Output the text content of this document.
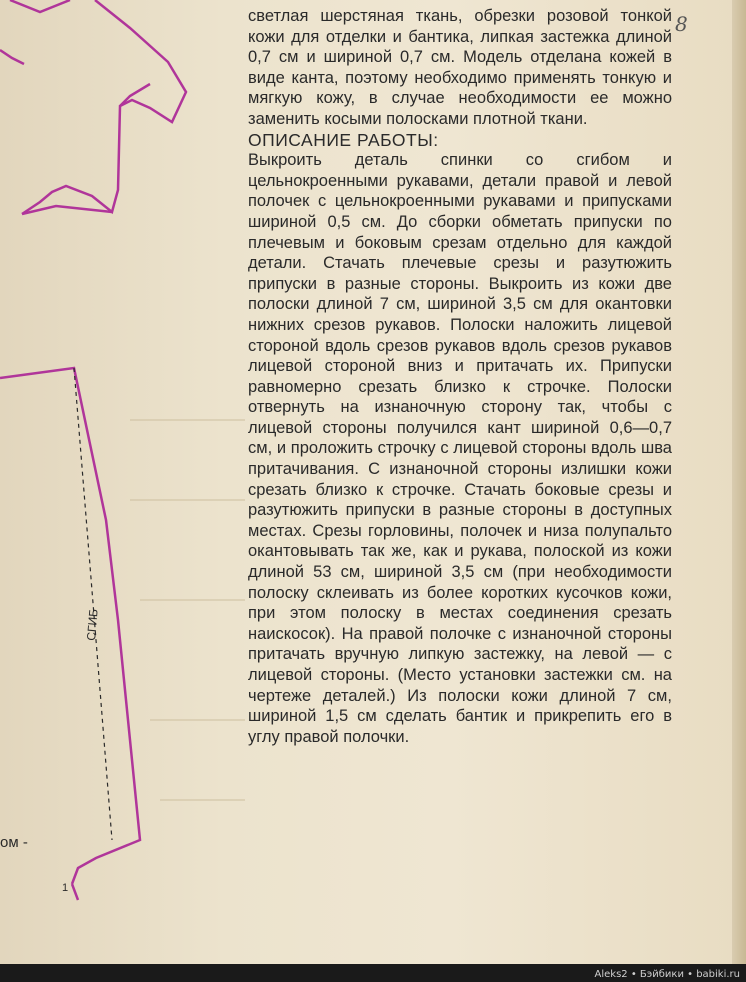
8

светлая шерстяная ткань, обрезки розовой тонкой кожи для отделки и бантика, липкая застежка длиной 0,7 см и шириной 0,7 см. Модель отделана кожей в виде канта, поэтому необходимо применять тонкую и мягкую кожу, в случае необходимости ее можно заменить косыми полосками плотной ткани.

ОПИСАНИЕ РАБОТЫ:

Выкроить деталь спинки со сгибом и цельнокроенными рукавами, детали правой и левой полочек с цельнокроенными рукавами и припусками шириной 0,5 см. До сборки обметать припуски по плечевым и боковым срезам отдельно для каждой детали. Стачать плечевые срезы и разутюжить припуски в разные стороны. Выкроить из кожи две полоски длиной 7 см, шириной 3,5 см для окантовки нижних срезов рукавов. Полоски наложить лицевой стороной вдоль срезов рукавов вдоль срезов рукавов лицевой стороной вниз и притачать их. Припуски равномерно срезать близко к строчке. Полоски отвернуть на изнаночную сторону так, чтобы с лицевой стороны получился кант шириной 0,6—0,7 см, и проложить строчку с лицевой стороны вдоль шва притачивания. С изнаночной стороны излишки кожи срезать близко к строчке. Стачать боковые срезы и разутюжить припуски в разные стороны в доступных местах. Срезы горловины, полочек и низа полупальто окантовывать так же, как и рукава, полоской из кожи длиной 53 см, шириной 3,5 см (при необходимости полоску склеивать из более коротких кусочков кожи, при этом полоску в местах соединения срезать наискосок). На правой полочке с изнаночной стороны притачать вручную липкую застежку, на левой — с лицевой стороны. (Место установки застежки см. на чертеже деталей.) Из полоски кожи длиной 7 см, шириной 1,5 см сделать бантик и прикрепить его в углу правой полочки.

СГИБ
ом -
1
Aleks2 • Бэйбики • babiki.ru
